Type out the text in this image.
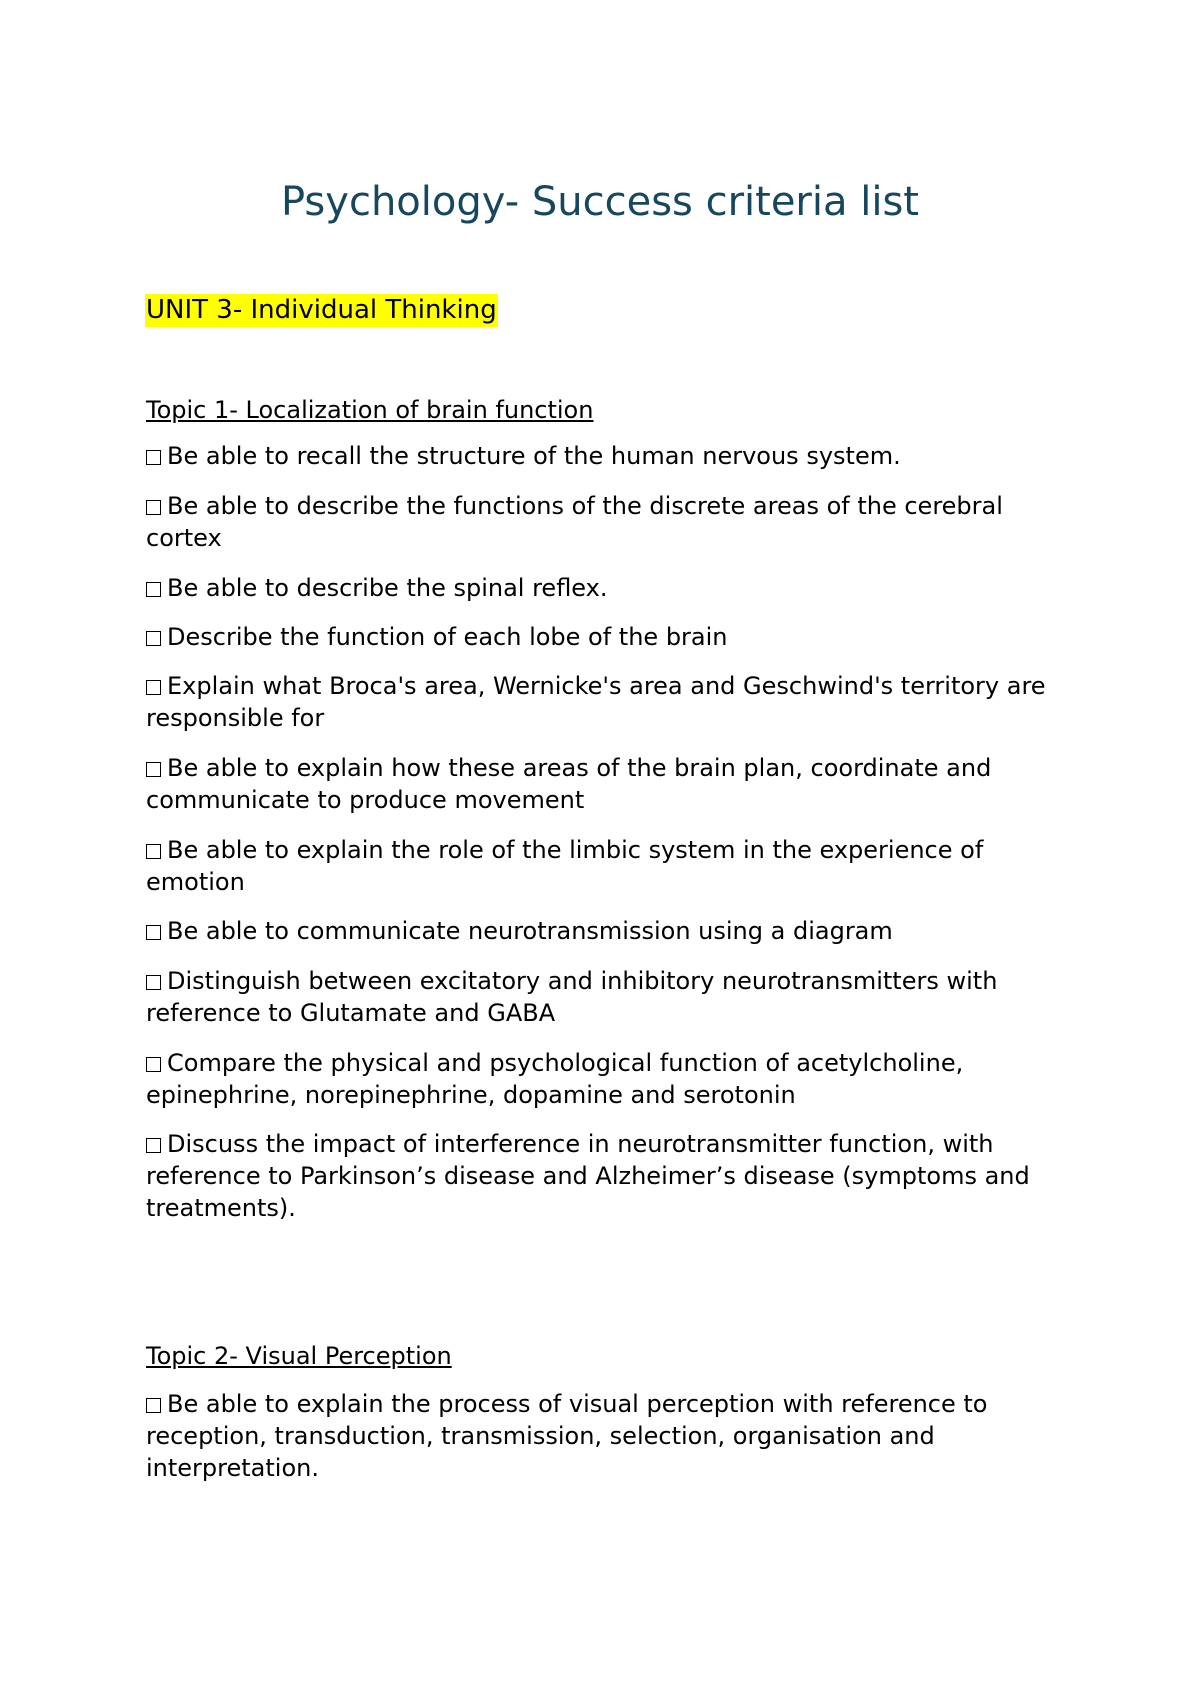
Psychology- Success criteria list
UNIT 3- Individual Thinking
Topic 1- Localization of brain function
Be able to recall the structure of the human nervous system.
Be able to describe the functions of the discrete areas of the cerebral cortex
Be able to describe the spinal reflex.
Describe the function of each lobe of the brain
Explain what Broca's area, Wernicke's area and Geschwind's territory are responsible for
Be able to explain how these areas of the brain plan, coordinate and communicate to produce movement
Be able to explain the role of the limbic system in the experience of emotion
Be able to communicate neurotransmission using a diagram
Distinguish between excitatory and inhibitory neurotransmitters with reference to Glutamate and GABA
Compare the physical and psychological function of acetylcholine, epinephrine, norepinephrine, dopamine and serotonin
Discuss the impact of interference in neurotransmitter function, with reference to Parkinson’s disease and Alzheimer’s disease (symptoms and treatments).
Topic 2- Visual Perception
Be able to explain the process of visual perception with reference to reception, transduction, transmission, selection, organisation and interpretation.
